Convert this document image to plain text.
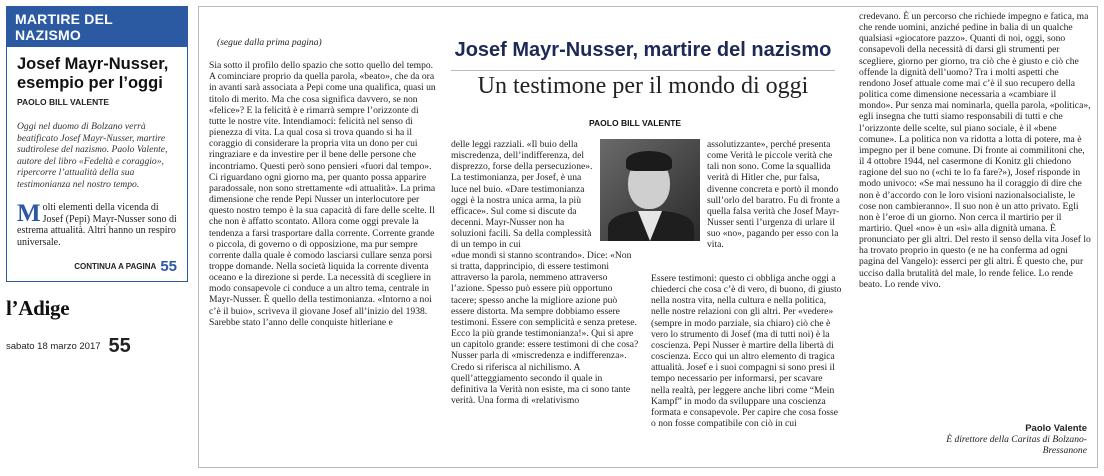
MARTIRE DEL NAZISMO
Josef Mayr-Nusser, esempio per l’oggi
PAOLO BILL VALENTE
Oggi nel duomo di Bolzano verrà beatificato Josef Mayr-Nusser, martire sudtirolese del nazismo. Paolo Valente, autore del libro «Fedeltà e coraggio», ripercorre l’attualità della sua testimonianza nel nostro tempo.
Molti elementi della vicenda di Josef (Pepi) Mayr-Nusser sono di estrema attualità. Altri hanno un respiro universale.
CONTINUA A PAGINA 55
l’Adige
sabato 18 marzo 2017 55
(segue dalla prima pagina)

Sia sotto il profilo dello spazio che sotto quello del tempo. A cominciare proprio da quella parola, «beato», che da ora in avanti sarà associata a Pepi come una qualifica, quasi un titolo di merito. Ma che cosa significa davvero, se non «felice»? E la felicità è e rimarrà sempre l’orizzonte di tutte le nostre vite. Intendiamoci: felicità nel senso di pienezza di vita. La qual cosa si trova quando si ha il coraggio di considerare la propria vita un dono per cui ringraziare e da investire per il bene delle persone che incontriamo. Questi però sono pensieri «fuori dal tempo». Ci riguardano ogni giorno ma, per quanto possa apparire paradossale, non sono strettamente «di attualità». La prima dimensione che rende Pepi Nusser un interlocutore per questo nostro tempo è la sua capacità di fare delle scelte. Il che non è affatto scontato. Allora come oggi prevale la tendenza a farsi trasportare dalla corrente. Corrente grande o piccola, di governo o di opposizione, ma pur sempre corrente dalla quale è comodo lasciarsi cullare senza porsi troppe domande. Nella società liquida la corrente diventa oceano e la direzione si perde. La necessità di scegliere in modo consapevole ci conduce a un altro tema, centrale in Mayr-Nusser. È quello della testimonianza. «Intorno a noi c’è il buio», scriveva il giovane Josef all’inizio del 1938. Sarebbe stato l’anno delle conquiste hitleriane e

Josef Mayr-Nusser, martire del nazismo
Un testimone per il mondo di oggi
PAOLO BILL VALENTE

delle leggi razziali. «Il buio della miscredenza, dell’indifferenza, del disprezzo, forse della persecuzione». La testimonianza, per Josef, è una luce nel buio. «Dare testimonianza oggi è la nostra unica arma, la più efficace». Sul come si discute da decenni. Mayr-Nusser non ha soluzioni facili. Sa della complessità di un tempo in cui

«due mondi si stanno scontrando». Dice: «Non si tratta, dapprincipio, di essere testimoni attraverso la parola, nemmeno attraverso l’azione. Spesso può essere più opportuno tacere; spesso anche la migliore azione può essere distorta. Ma sempre dobbiamo essere testimoni. Essere con semplicità e senza pretese. Ecco la più grande testimonianza!». Qui si apre un capitolo grande: essere testimoni di che cosa? Nusser parla di «miscredenza e indifferenza». Credo si riferisca al nichilismo. A quell’atteggiamento secondo il quale in definitiva la Verità non esiste, ma ci sono tante verità. Una forma di «relativismo

assolutizzante», perché presenta come Verità le piccole verità che tali non sono. Come la squallida verità di Hitler che, pur falsa, divenne concreta e portò il mondo sull’orlo del baratro. Fu di fronte a quella falsa verità che Josef Mayr-Nusser sentì l’urgenza di urlare il suo «no», pagando per esso con la vita.

Essere testimoni: questo ci obbliga anche oggi a chiederci che cosa c’è di vero, di buono, di giusto nella nostra vita, nella cultura e nella politica, nelle nostre relazioni con gli altri. Per «vedere» (sempre in modo parziale, sia chiaro) ciò che è vero lo strumento di Josef (ma di tutti noi) è la coscienza. Pepi Nusser è martire della libertà di coscienza. Ecco qui un altro elemento di tragica attualità. Josef e i suoi compagni si sono presi il tempo necessario per informarsi, per scavare nella realtà, per leggere anche libri come “Mein Kampf” in modo da sviluppare una coscienza formata e consapevole. Per capire che cosa fosse o non fosse compatibile con ciò in cui

credevano. È un percorso che richiede impegno e fatica, ma che rende uomini, anziché pedine in balia di un qualche qualsiasi «giocatore pazzo». Quanti di noi, oggi, sono consapevoli della necessità di darsi gli strumenti per scegliere, giorno per giorno, tra ciò che è giusto e ciò che offende la dignità dell’uomo? Tra i molti aspetti che rendono Josef attuale come mai c’è il suo recupero della politica come dimensione necessaria a «cambiare il mondo». Pur senza mai nominarla, quella parola, «politica», egli insegna che tutti siamo responsabili di tutti e che l’orizzonte delle scelte, sul piano sociale, è il «bene comune». La politica non va ridotta a lotta di potere, ma è impegno per il bene comune. Di fronte ai commilitoni che, il 4 ottobre 1944, nel casermone di Konitz gli chiedono ragione del suo no («chi te lo fa fare?»), Josef risponde in modo univoco: «Se mai nessuno ha il coraggio di dire che non è d’accordo con le loro visioni nazionalsocialiste, le cose non cambieranno». Il suo non è un atto privato. Egli non è l’eroe di un giorno. Non cerca il martirio per il martirio. Quel «no» è un «sì» alla dignità umana. È pronunciato per gli altri. Del resto il senso della vita Josef lo ha trovato proprio in questo (e ne ha conferma ad ogni pagina del Vangelo): esserci per gli altri. È questo che, pur ucciso dalla brutalità del male, lo rende felice. Lo rende beato. Lo rende vivo.

Paolo Valente
È direttore della Caritas di Bolzano-Bressanone
